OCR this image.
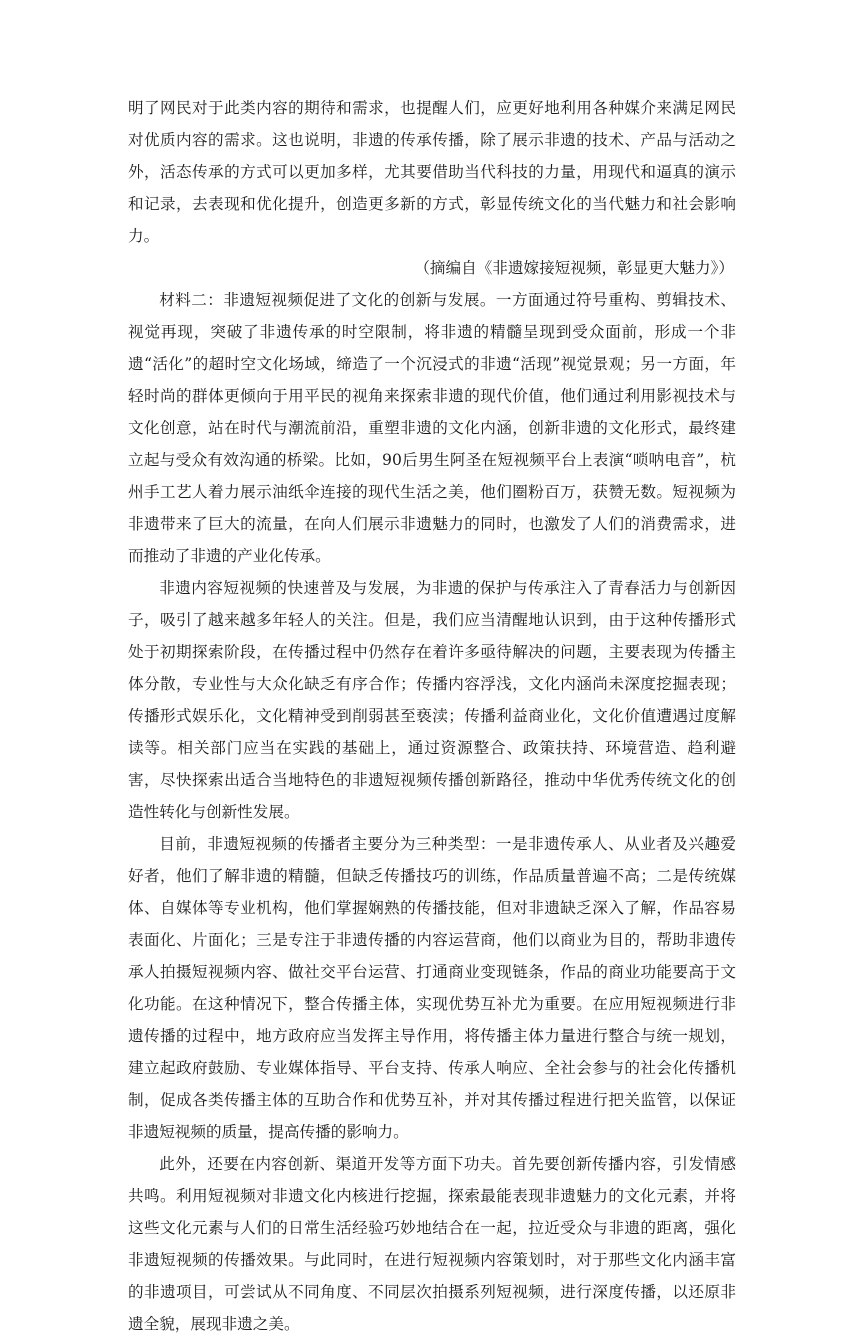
明了网民对于此类内容的期待和需求，也提醒人们，应更好地利用各种媒介来满足网民对优质内容的需求。这也说明，非遗的传承传播，除了展示非遗的技术、产品与活动之外，活态传承的方式可以更加多样，尤其要借助当代科技的力量，用现代和逼真的演示和记录，去表现和优化提升，创造更多新的方式，彰显传统文化的当代魅力和社会影响力。

（摘编自《非遗嫁接短视频，彰显更大魅力》）

材料二：非遗短视频促进了文化的创新与发展。一方面通过符号重构、剪辑技术、视觉再现，突破了非遗传承的时空限制，将非遗的精髓呈现到受众面前，形成一个非遗“活化”的超时空文化场域，缔造了一个沉浸式的非遗“活现”视觉景观；另一方面，年轻时尚的群体更倾向于用平民的视角来探索非遗的现代价值，他们通过利用影视技术与文化创意，站在时代与潮流前沿，重塑非遗的文化内涵，创新非遗的文化形式，最终建立起与受众有效沟通的桥梁。比如，90后男生阿圣在短视频平台上表演“唢呐电音”，杭州手工艺人着力展示油纸伞连接的现代生活之美，他们圈粉百万，获赞无数。短视频为非遗带来了巨大的流量，在向人们展示非遗魅力的同时，也激发了人们的消费需求，进而推动了非遗的产业化传承。

非遗内容短视频的快速普及与发展，为非遗的保护与传承注入了青春活力与创新因子，吸引了越来越多年轻人的关注。但是，我们应当清醒地认识到，由于这种传播形式处于初期探索阶段，在传播过程中仍然存在着许多亟待解决的问题，主要表现为传播主体分散，专业性与大众化缺乏有序合作；传播内容浮浅，文化内涵尚未深度挖掘表现；传播形式娱乐化，文化精神受到削弱甚至亵渎；传播利益商业化，文化价值遭遇过度解读等。相关部门应当在实践的基础上，通过资源整合、政策扶持、环境营造、趋利避害，尽快探索出适合当地特色的非遗短视频传播创新路径，推动中华优秀传统文化的创造性转化与创新性发展。

目前，非遗短视频的传播者主要分为三种类型：一是非遗传承人、从业者及兴趣爱好者，他们了解非遗的精髓，但缺乏传播技巧的训练，作品质量普遍不高；二是传统媒体、自媒体等专业机构，他们掌握娴熟的传播技能，但对非遗缺乏深入了解，作品容易表面化、片面化；三是专注于非遗传播的内容运营商，他们以商业为目的，帮助非遗传承人拍摄短视频内容、做社交平台运营、打通商业变现链条，作品的商业功能要高于文化功能。在这种情况下，整合传播主体，实现优势互补尤为重要。在应用短视频进行非遗传播的过程中，地方政府应当发挥主导作用，将传播主体力量进行整合与统一规划，建立起政府鼓励、专业媒体指导、平台支持、传承人响应、全社会参与的社会化传播机制，促成各类传播主体的互助合作和优势互补，并对其传播过程进行把关监管，以保证非遗短视频的质量，提高传播的影响力。

此外，还要在内容创新、渠道开发等方面下功夫。首先要创新传播内容，引发情感共鸣。利用短视频对非遗文化内核进行挖掘，探索最能表现非遗魅力的文化元素，并将这些文化元素与人们的日常生活经验巧妙地结合在一起，拉近受众与非遗的距离，强化非遗短视频的传播效果。与此同时，在进行短视频内容策划时，对于那些文化内涵丰富的非遗项目，可尝试从不同角度、不同层次拍摄系列短视频，进行深度传播，以还原非遗全貌，展现非遗之美。
